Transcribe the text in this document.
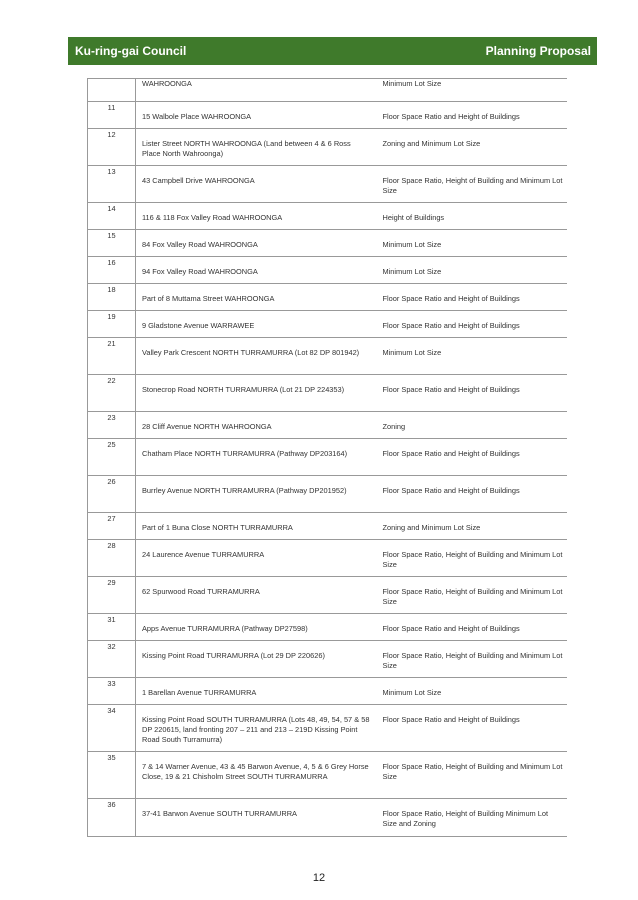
Ku-ring-gai Council	Planning Proposal

	WAHROONGA	Minimum Lot Size

11	15 Walbole Place WAHROONGA	Floor Space Ratio and Height of Buildings

12	Lister Street NORTH WAHROONGA (Land between 4 & 6 Ross Place North Wahroonga)	Zoning and Minimum Lot Size

13	43 Campbell Drive WAHROONGA	Floor Space Ratio, Height of Building and Minimum Lot Size

14	116 & 118 Fox Valley Road WAHROONGA	Height of Buildings

15	84 Fox Valley Road WAHROONGA	Minimum Lot Size

16	94 Fox Valley Road WAHROONGA	Minimum Lot Size

18	Part of 8 Muttama Street WAHROONGA	Floor Space Ratio and Height of Buildings

19	9 Gladstone Avenue WARRAWEE	Floor Space Ratio and Height of Buildings

21	Valley Park Crescent NORTH TURRAMURRA (Lot 82 DP 801942)	Minimum Lot Size

22	Stonecrop Road NORTH TURRAMURRA (Lot 21 DP 224353)	Floor Space Ratio and Height of Buildings

23	28 Cliff Avenue NORTH WAHROONGA	Zoning

25	Chatham Place NORTH TURRAMURRA (Pathway DP203164)	Floor Space Ratio and Height of Buildings

26	Burrley Avenue NORTH TURRAMURRA (Pathway DP201952)	Floor Space Ratio and Height of Buildings

27	Part of 1 Buna Close NORTH TURRAMURRA	Zoning and Minimum Lot Size

28	24 Laurence Avenue TURRAMURRA	Floor Space Ratio, Height of Building and Minimum Lot Size

29	62 Spurwood Road TURRAMURRA	Floor Space Ratio, Height of Building and Minimum Lot Size

31	Apps Avenue TURRAMURRA (Pathway DP27598)	Floor Space Ratio and Height of Buildings

32	Kissing Point Road TURRAMURRA (Lot 29 DP 220626)	Floor Space Ratio, Height of Building and Minimum Lot Size

33	1 Barellan Avenue TURRAMURRA	Minimum Lot Size

34	Kissing Point Road SOUTH TURRAMURRA (Lots 48, 49, 54, 57 & 58 DP 220615, land fronting 207 – 211 and 213 – 219D Kissing Point Road South Turramurra)	Floor Space Ratio and Height of Buildings

35	7 & 14 Warner Avenue, 43 & 45 Barwon Avenue, 4, 5 & 6 Grey Horse Close, 19 & 21 Chisholm Street SOUTH TURRAMURRA	Floor Space Ratio, Height of Building and Minimum Lot Size

36	37-41 Barwon Avenue SOUTH TURRAMURRA	Floor Space Ratio, Height of Building Minimum Lot Size and Zoning
12
